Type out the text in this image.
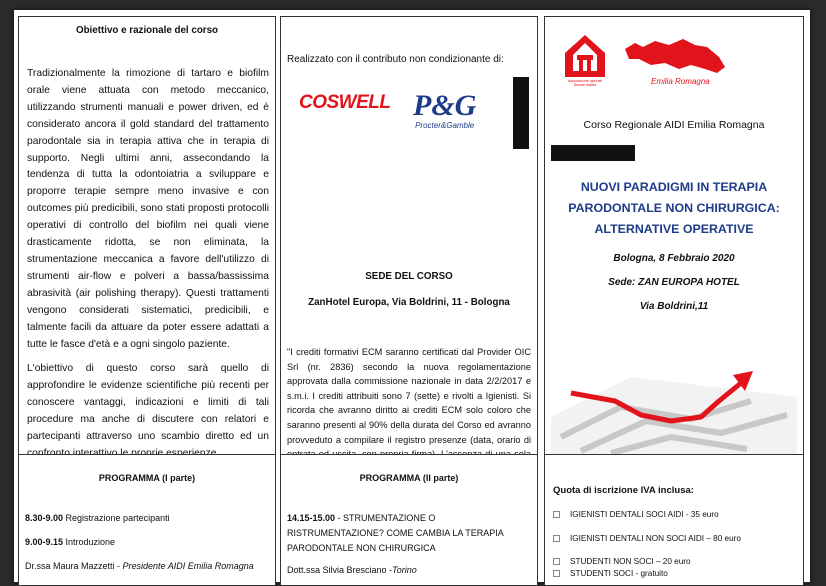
Obiettivo e razionale del corso
Tradizionalmente la rimozione di tartaro e biofilm orale viene attuata con metodo meccanico, utilizzando strumenti manuali e power driven, ed è considerato ancora il gold standard del trattamento parodontale sia in terapia attiva che in terapia di supporto. Negli ultimi anni, assecondando la tendenza di tutta la odontoiatria a sviluppare e proporre terapie sempre meno invasive e con outcomes più predicibili, sono stati proposti protocolli operativi di controllo del biofilm nei quali viene drasticamente ridotta, se non eliminata, la strumentazione meccanica a favore dell'utilizzo di strumenti air-flow e polveri a bassa/bassissima abrasività (air polishing therapy). Questi trattamenti vengono considerati sistematici, predicibili, e talmente facili da attuare da poter essere adattati a tutte le fasce d'età e a ogni singolo paziente.
L'obiettivo di questo corso sarà quello di approfondire le evidenze scientifiche più recenti per conoscere vantaggi, indicazioni e limiti di tali procedure ma anche di discutere con relatori e partecipanti attraverso uno scambio diretto ed un
Realizzato con il contributo non condizionante di:
COSWELL P&G
Procter&Gamble
SEDE DEL CORSO
ZanHotel Europa, Via Boldrini, 11 - Bologna
"I crediti formativi ECM saranno certificati dal Provider OIC Srl (nr. 2836) secondo la nuova regolamentazione approvata dalla commissione nazionale in data 2/2/2017 e s.m.i. I crediti attribuiti sono 7 (sette) e rivolti a Igienisti. Si ricorda che avranno diritto ai crediti ECM solo coloro che saranno presenti al 90% della durata del Corso ed avranno provveduto a compilare il registro presenze (data, orario di
Associazione Igienisti Dentali Italiani	Emilia Romagna
Corso Regionale AIDI Emilia Romagna
NUOVI PARADIGMI IN TERAPIA
PARODONTALE NON CHIRURGICA:
ALTERNATIVE OPERATIVE
Bologna, 8 Febbraio 2020
Sede: ZAN EUROPA HOTEL
Via Boldrini,11
PROGRAMMA (I parte)
8.30-9.00 Registrazione partecipanti
9.00-9.15 Introduzione
Dr.ssa Maura Mazzetti - Presidente AIDI Emilia Romagna
PROGRAMMA (II parte)
14.15-15.00 - STRUMENTAZIONE O RISTRUMENTAZIONE? COME CAMBIA LA TERAPIA PARODONTALE NON CHIRURGICA
Dott.ssa Silvia Bresciano -Torino
Quota di iscrizione IVA inclusa:
IGIENISTI DENTALI SOCI AIDI - 35 euro
IGIENISTI DENTALI NON SOCI AIDI – 80 euro
STUDENTI NON SOCI – 20 euro
STUDENTI SOCI - gratuito
